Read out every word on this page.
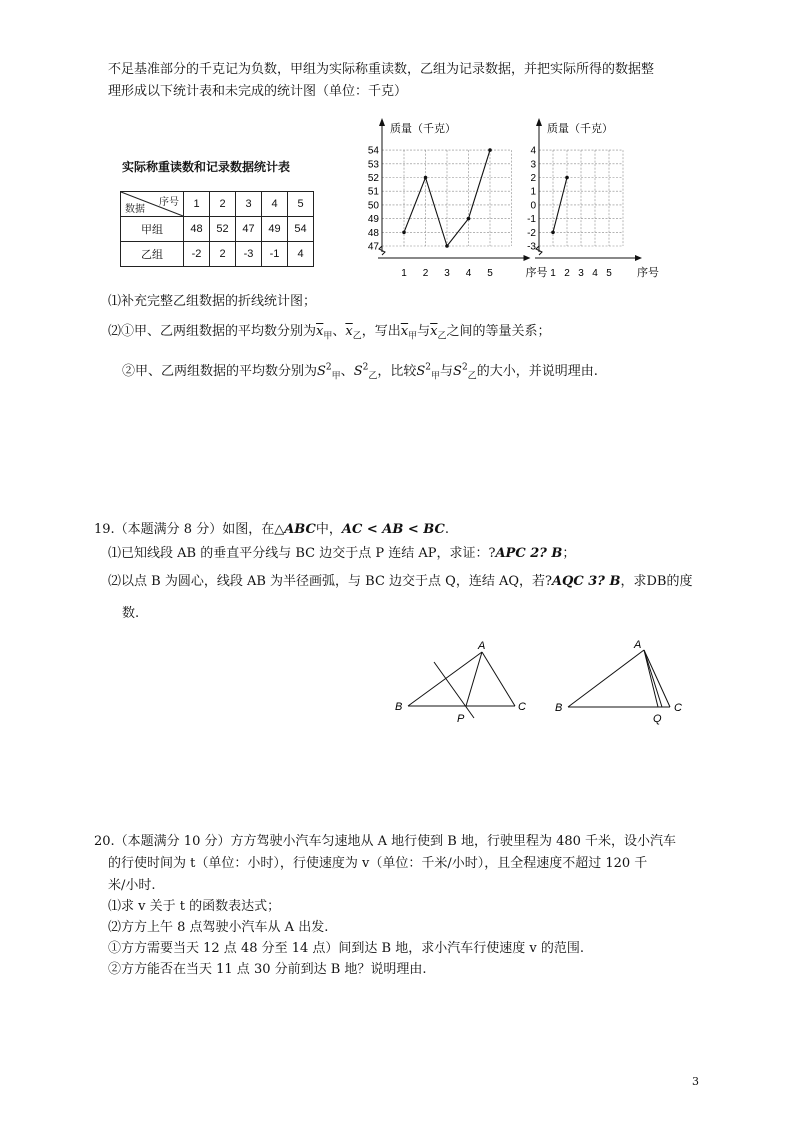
不足基准部分的千克记为负数，甲组为实际称重读数，乙组为记录数据，并把实际所得的数据整
理形成以下统计表和未完成的统计图（单位：千克）
实际称重读数和记录数据统计表
序号
数据	1	2	3	4	5
甲组	48	52	47	49	54
乙组	-2	2	-3	-1	4
质量（千克）
序号
47
48
49
50
51
52
53
54
1 2 3 4 5
质量（千克）
序号
-3
-2
-1
0
1
2
3
4
1 2 3 4 5
⑴补充完整乙组数据的折线统计图；
⑵①甲、乙两组数据的平均数分别为$\overline{x}_甲$、$\overline{x}_乙$，写出$\overline{x}_甲$与$\overline{x}_乙$之间的等量关系；
②甲、乙两组数据的平均数分别为$S^2_甲$、$S^2_乙$，比较$S^2_甲$与$S^2_乙$的大小，并说明理由.
19.（本题满分 8 分）如图，在△ABC中，AC < AB < BC.
⑴已知线段 AB 的垂直平分线与 BC 边交于点 P 连结 AP，求证：?APC 2? B；
⑵以点 B 为圆心，线段 AB 为半径画弧，与 BC 边交于点 Q，连结 AQ，若?AQC 3? B，求DB的度
数.
A
B	C
P
A
B	C
Q
20.（本题满分 10 分）方方驾驶小汽车匀速地从 A 地行使到 B 地，行驶里程为 480 千米，设小汽车
的行使时间为 t（单位：小时），行使速度为 v（单位：千米/小时），且全程速度不超过 120 千
米/小时.
⑴求 v 关于 t 的函数表达式；
⑵方方上午 8 点驾驶小汽车从 A 出发.
①方方需要当天 12 点 48 分至 14 点）间到达 B 地，求小汽车行使速度 v 的范围.
②方方能否在当天 11 点 30 分前到达 B 地？说明理由.
3
